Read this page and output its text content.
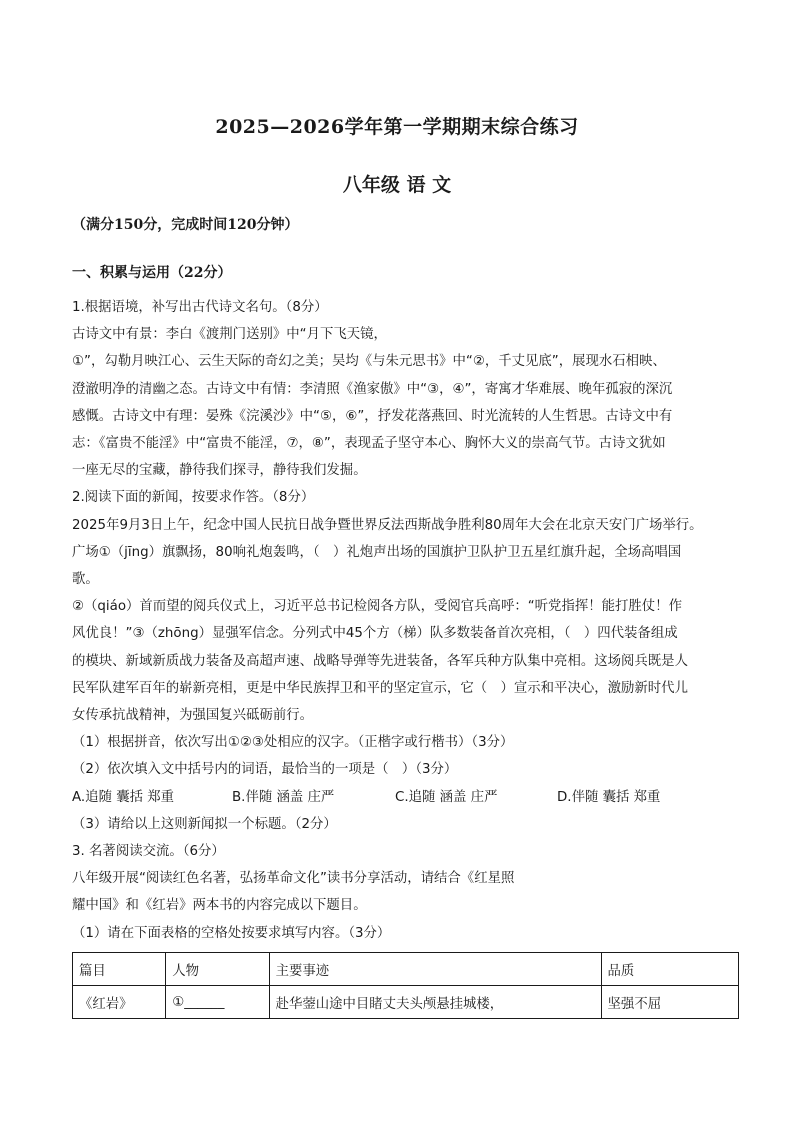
2025—2026学年第一学期期末综合练习
八年级 语 文
（满分150分，完成时间120分钟）
一、积累与运用（22分）
1.根据语境，补写出古代诗文名句。（8分）
古诗文中有景：李白《渡荆门送别》中“月下飞天镜，
①”，勾勒月映江心、云生天际的奇幻之美；吴均《与朱元思书》中“②，千丈见底”，展现水石相映、
澄澈明净的清幽之态。古诗文中有情：李清照《渔家傲》中“③，④”，寄寓才华难展、晚年孤寂的深沉
感慨。古诗文中有理：晏殊《浣溪沙》中“⑤，⑥”，抒发花落燕回、时光流转的人生哲思。古诗文中有
志：《富贵不能淫》中“富贵不能淫，⑦，⑧”，表现孟子坚守本心、胸怀大义的崇高气节。古诗文犹如
一座无尽的宝藏，静待我们探寻，静待我们发掘。
2.阅读下面的新闻，按要求作答。（8分）
2025年9月3日上午，纪念中国人民抗日战争暨世界反法西斯战争胜利80周年大会在北京天安门广场举行。
广场①（jīng）旗飘扬，80响礼炮轰鸣，（　）礼炮声出场的国旗护卫队护卫五星红旗升起，全场高唱国
歌。
②（qiáo）首而望的阅兵仪式上，习近平总书记检阅各方队，受阅官兵高呼：“听党指挥！能打胜仗！作
风优良！”③（zhōng）显强军信念。分列式中45个方（梯）队多数装备首次亮相，（　）四代装备组成
的模块、新域新质战力装备及高超声速、战略导弹等先进装备，各军兵种方队集中亮相。这场阅兵既是人
民军队建军百年的崭新亮相，更是中华民族捍卫和平的坚定宣示，它（　）宣示和平决心，激励新时代儿
女传承抗战精神，为强国复兴砥砺前行。
（1）根据拼音，依次写出①②③处相应的汉字。（正楷字或行楷书）（3分）
（2）依次填入文中括号内的词语，最恰当的一项是（　）（3分）
A.追随 囊括 郑重	B.伴随 涵盖 庄严	C.追随 涵盖 庄严	D.伴随 囊括 郑重
（3）请给以上这则新闻拟一个标题。（2分）
3. 名著阅读交流。（6分）
八年级开展“阅读红色名著，弘扬革命文化”读书分享活动，请结合《红星照
耀中国》和《红岩》两本书的内容完成以下题目。
（1）请在下面表格的空格处按要求填写内容。（3分）
篇目	人物	主要事迹	品质
《红岩》	①______	赴华蓥山途中目睹丈夫头颅悬挂城楼，	坚强不屈
